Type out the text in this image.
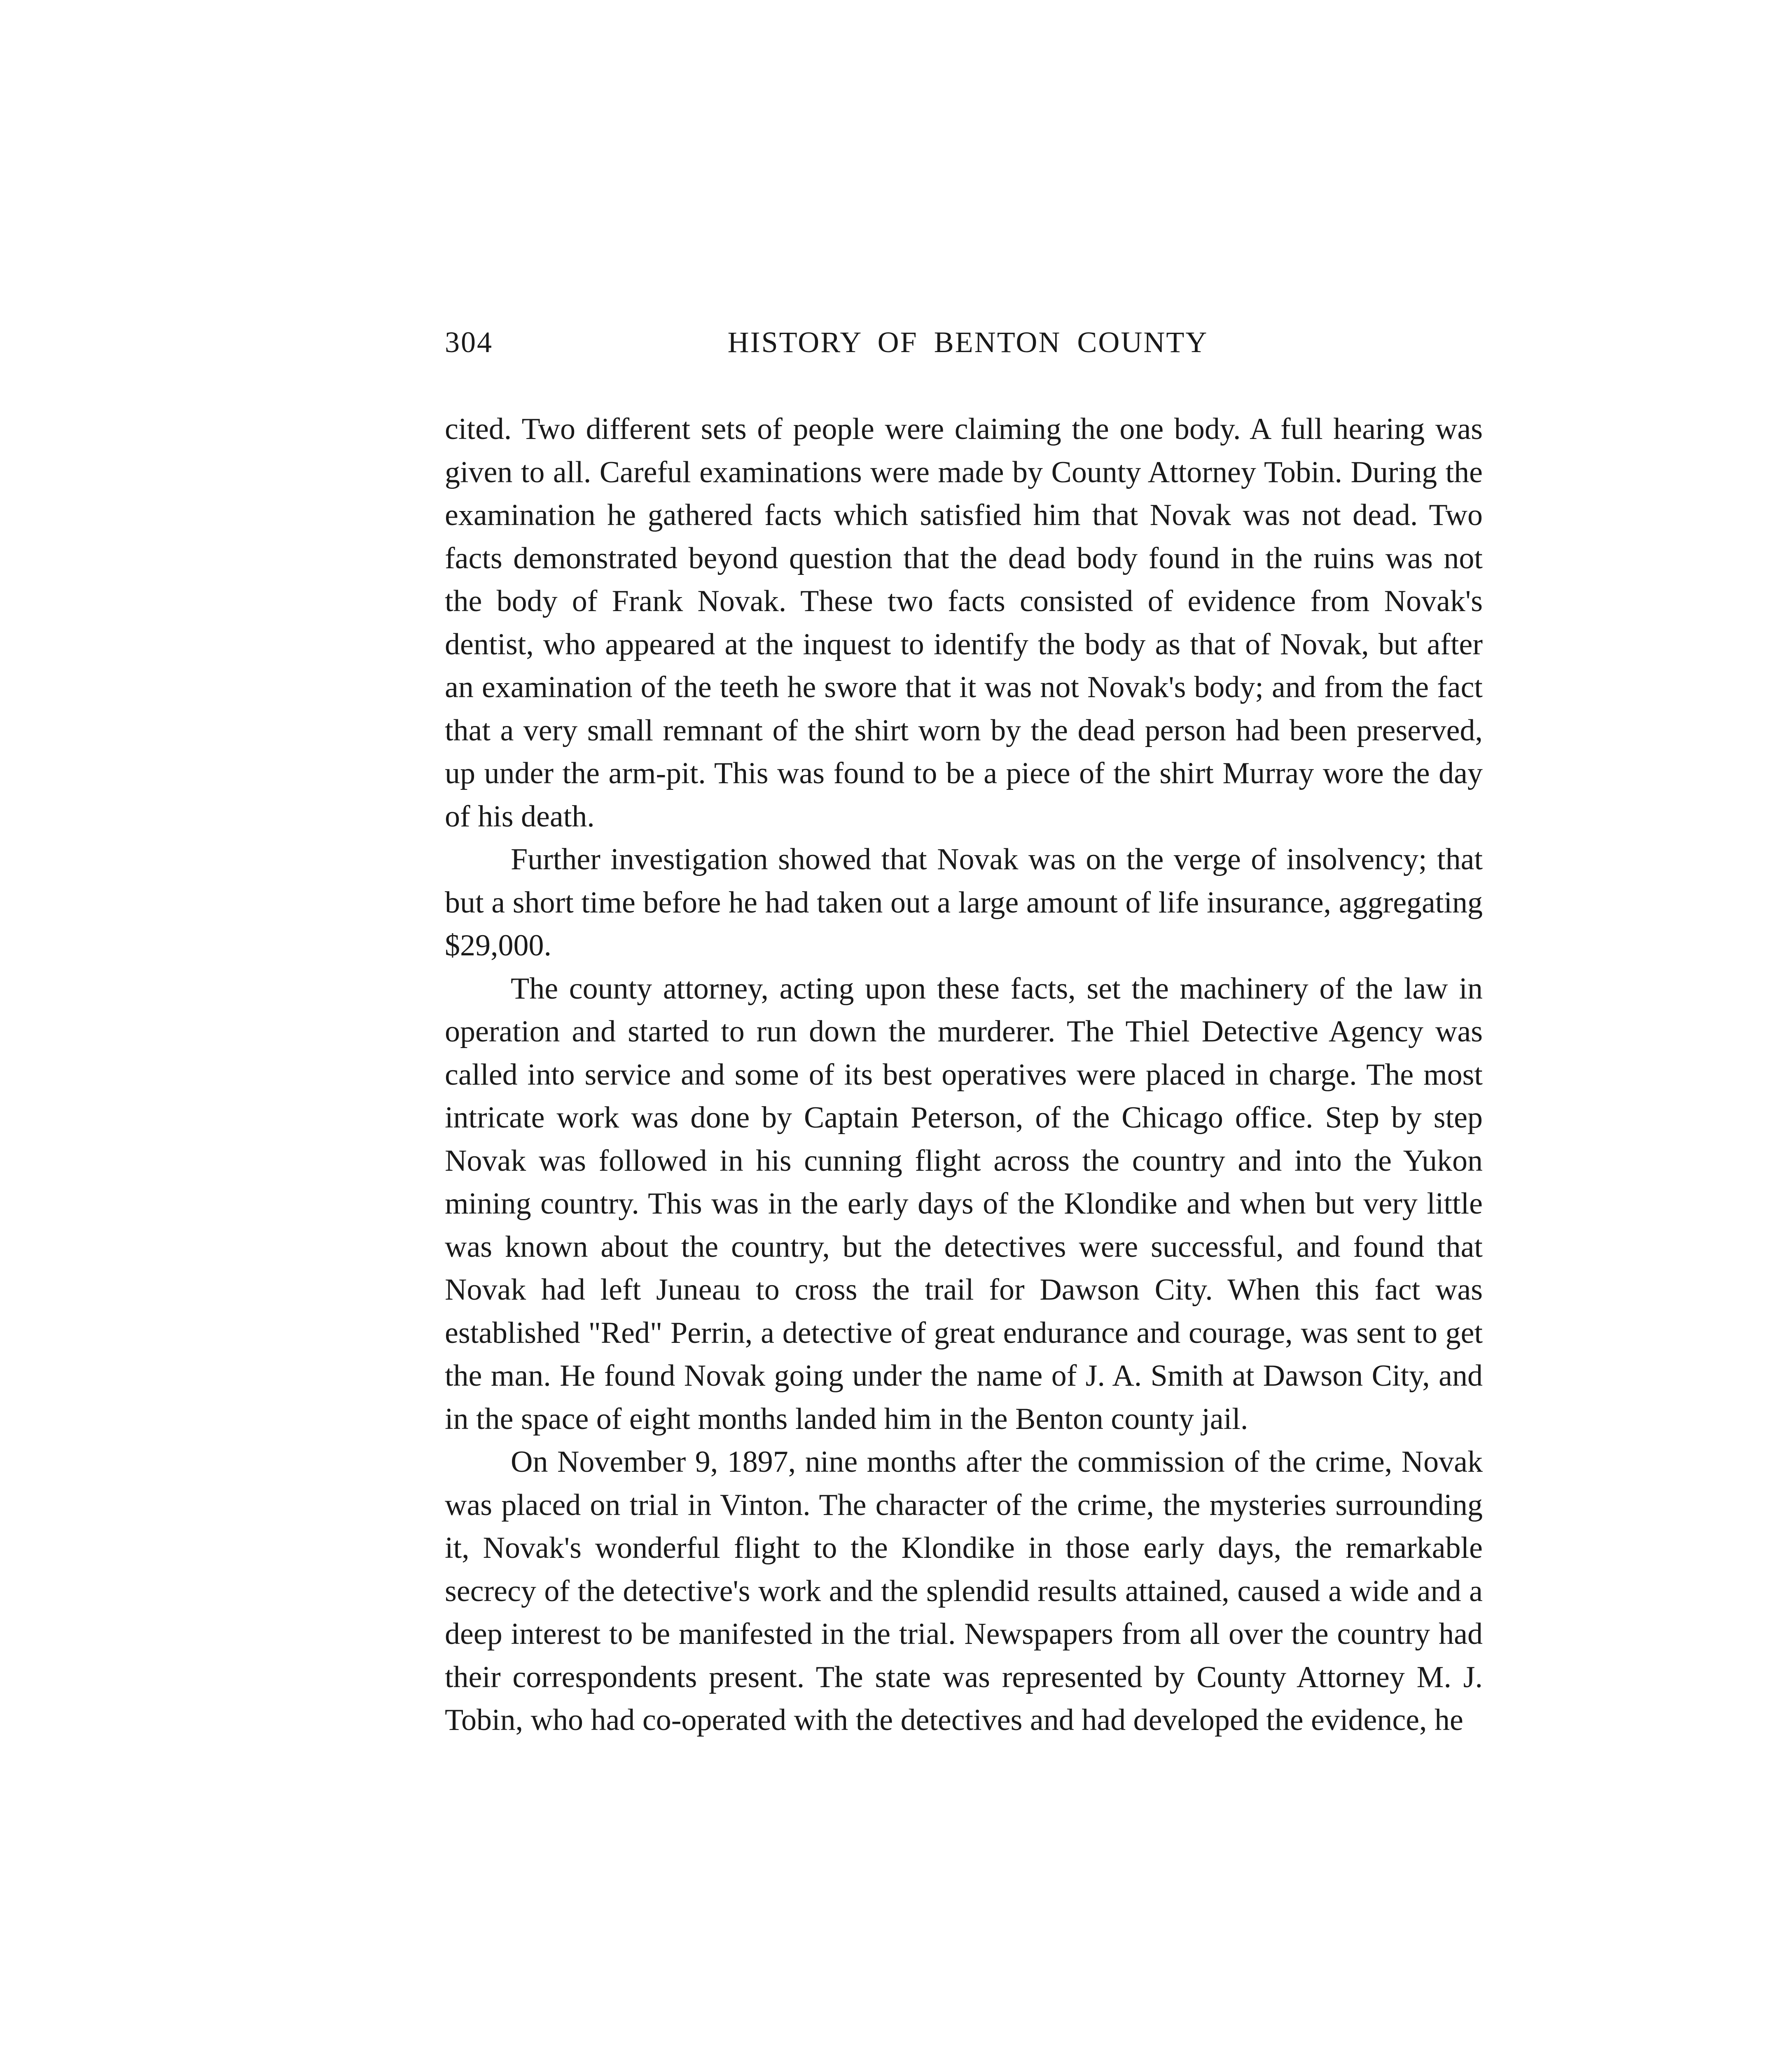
304	HISTORY OF BENTON COUNTY

cited. Two different sets of people were claiming the one body. A full hearing was given to all. Careful examinations were made by County Attorney Tobin. During the examination he gathered facts which satisfied him that Novak was not dead. Two facts demonstrated beyond question that the dead body found in the ruins was not the body of Frank Novak. These two facts consisted of evidence from Novak's dentist, who appeared at the inquest to identify the body as that of Novak, but after an examination of the teeth he swore that it was not Novak's body; and from the fact that a very small remnant of the shirt worn by the dead person had been preserved, up under the arm-pit. This was found to be a piece of the shirt Murray wore the day of his death.

Further investigation showed that Novak was on the verge of insolvency; that but a short time before he had taken out a large amount of life insurance, aggregating $29,000.

The county attorney, acting upon these facts, set the machinery of the law in operation and started to run down the murderer. The Thiel Detective Agency was called into service and some of its best operatives were placed in charge. The most intricate work was done by Captain Peterson, of the Chicago office. Step by step Novak was followed in his cunning flight across the country and into the Yukon mining country. This was in the early days of the Klondike and when but very little was known about the country, but the detectives were successful, and found that Novak had left Juneau to cross the trail for Dawson City. When this fact was established "Red" Perrin, a detective of great endurance and courage, was sent to get the man. He found Novak going under the name of J. A. Smith at Dawson City, and in the space of eight months landed him in the Benton county jail.

On November 9, 1897, nine months after the commission of the crime, Novak was placed on trial in Vinton. The character of the crime, the mysteries surrounding it, Novak's wonderful flight to the Klondike in those early days, the remarkable secrecy of the detective's work and the splendid results attained, caused a wide and a deep interest to be manifested in the trial. Newspapers from all over the country had their correspondents present. The state was represented by County Attorney M. J. Tobin, who had co-operated with the detectives and had developed the evidence, he
